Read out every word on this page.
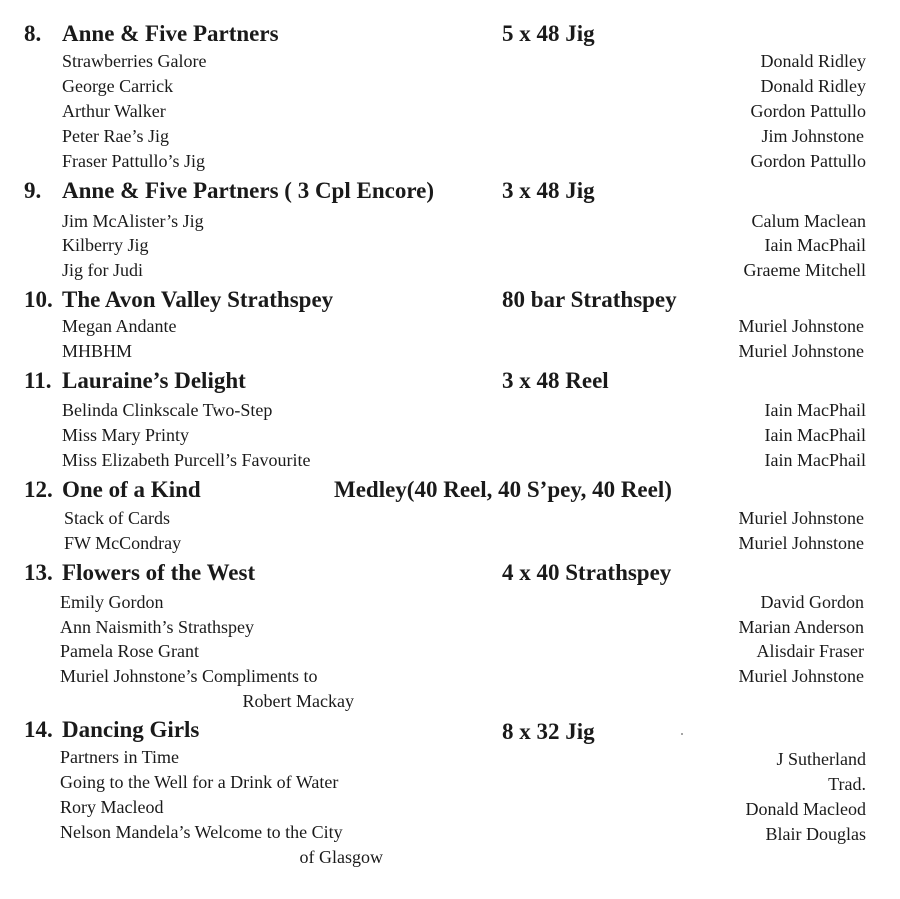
8. Anne & Five Partners	5 x 48 Jig
Strawberries Galore	Donald Ridley
George Carrick	Donald Ridley
Arthur Walker	Gordon Pattullo
Peter Rae’s Jig	Jim Johnstone
Fraser Pattullo’s Jig	Gordon Pattullo
9. Anne & Five Partners ( 3 Cpl Encore)	3 x 48 Jig
Jim McAlister’s Jig	Calum Maclean
Kilberry Jig	Iain MacPhail
Jig for Judi	Graeme Mitchell
10. The Avon Valley Strathspey	80 bar Strathspey
Megan Andante	Muriel Johnstone
MHBHM	Muriel Johnstone
11. Lauraine’s Delight	3 x 48 Reel
Belinda Clinkscale Two-Step	Iain MacPhail
Miss Mary Printy	Iain MacPhail
Miss Elizabeth Purcell’s Favourite	Iain MacPhail
12. One of a Kind	Medley(40 Reel, 40 S’pey, 40 Reel)
Stack of Cards	Muriel Johnstone
FW McCondray	Muriel Johnstone
13. Flowers of the West	4 x 40 Strathspey
Emily Gordon	David Gordon
Ann Naismith’s Strathspey	Marian Anderson
Pamela Rose Grant	Alisdair Fraser
Muriel Johnstone’s Compliments to	Muriel Johnstone
Robert Mackay
14. Dancing Girls	8 x 32 Jig
Partners in Time	J Sutherland
Going to the Well for a Drink of Water	Trad.
Rory Macleod	Donald Macleod
Nelson Mandela’s Welcome to the City	Blair Douglas
of Glasgow
